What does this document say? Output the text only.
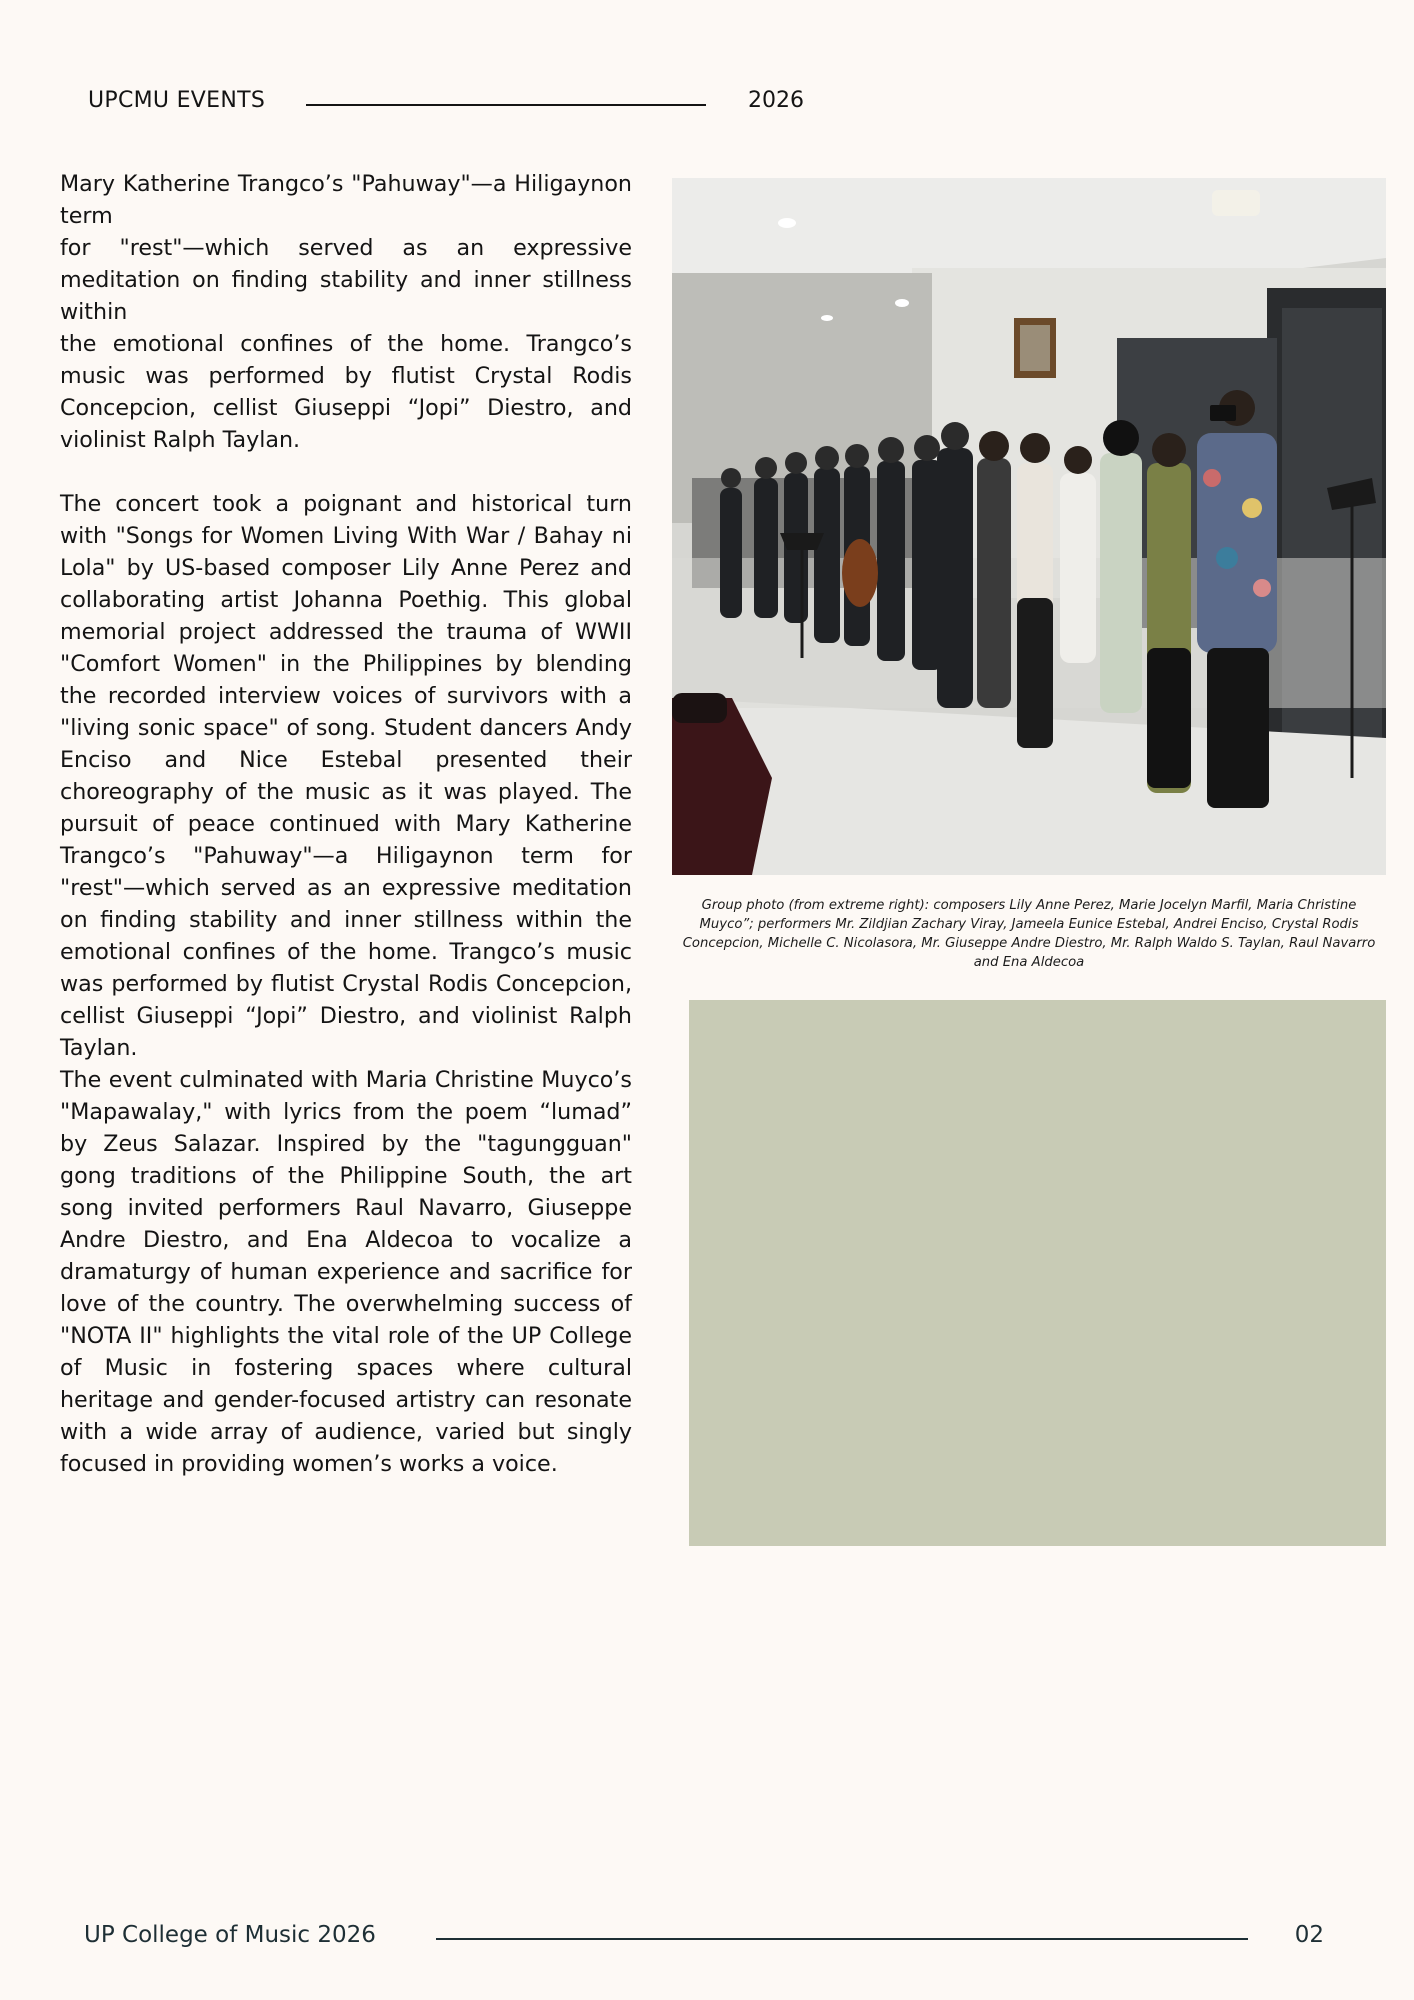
UPCMU EVENTS	2026

Mary Katherine Trangco’s "Pahuway"—a Hiligaynon term

for "rest"—which served as an expressive meditation on finding stability and inner stillness within

the emotional confines of the home. Trangco’s music was performed by flutist Crystal Rodis Concepcion, cellist Giuseppi “Jopi” Diestro, and violinist Ralph Taylan.

The concert took a poignant and historical turn with "Songs for Women Living With War / Bahay ni Lola" by US-based composer Lily Anne Perez and collaborating artist Johanna Poethig. This global memorial project addressed the trauma of WWII "Comfort Women" in the Philippines by blending the recorded interview voices of survivors with a "living sonic space" of song. Student dancers Andy Enciso and Nice Estebal presented their choreography of the music as it was played. The pursuit of peace continued with Mary Katherine Trangco’s "Pahuway"—a Hiligaynon term for "rest"—which served as an expressive meditation on finding stability and inner stillness within the emotional confines of the home. Trangco’s music was performed by flutist Crystal Rodis Concepcion, cellist Giuseppi “Jopi” Diestro, and violinist Ralph Taylan.

The event culminated with Maria Christine Muyco’s "Mapawalay," with lyrics from the poem “lumad” by Zeus Salazar. Inspired by the "tagungguan" gong traditions of the Philippine South, the art song invited performers Raul Navarro, Giuseppe Andre Diestro, and Ena Aldecoa to vocalize a dramaturgy of human experience and sacrifice for love of the country. The overwhelming success of "NOTA II" highlights the vital role of the UP College of Music in fostering spaces where cultural heritage and gender-focused artistry can resonate with a wide array of audience, varied but singly focused in providing women’s works a voice.

Group photo (from extreme right): composers Lily Anne Perez, Marie Jocelyn Marfil, Maria Christine Muyco”; performers Mr. Zildjian Zachary Viray, Jameela Eunice Estebal, Andrei Enciso, Crystal Rodis Concepcion, Michelle C. Nicolasora, Mr. Giuseppe Andre Diestro, Mr. Ralph Waldo S. Taylan, Raul Navarro and Ena Aldecoa
UP College of Music 2026	02
